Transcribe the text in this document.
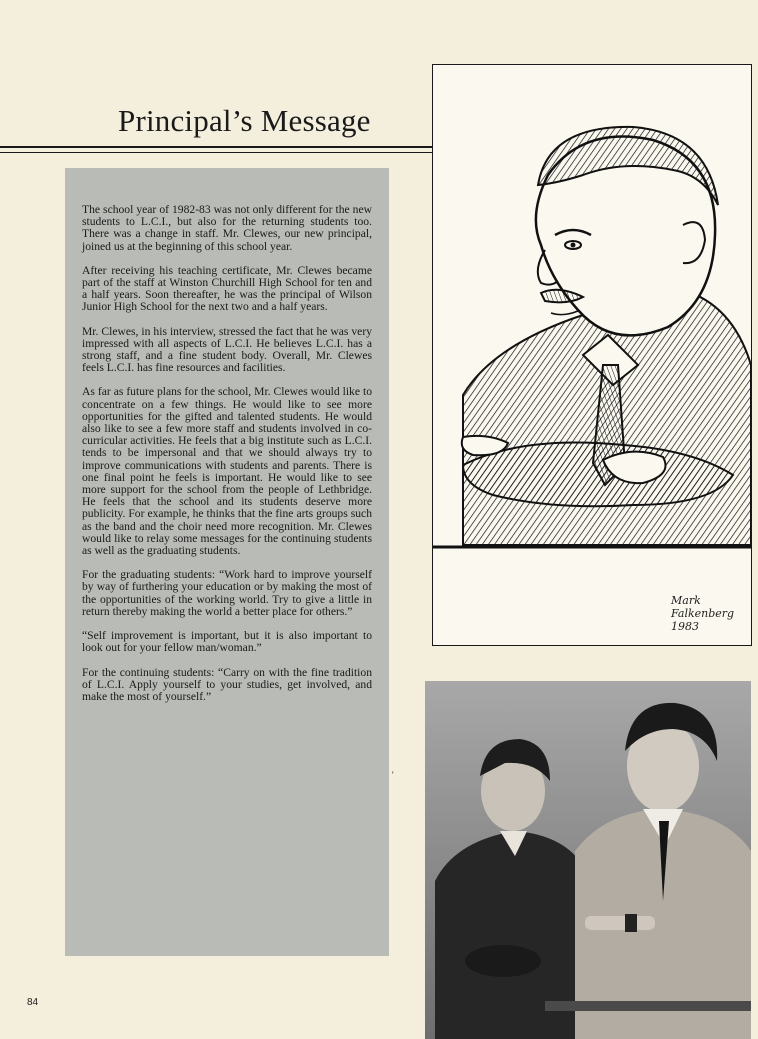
Principal’s Message

The school year of 1982-83 was not only different for the new students to L.C.I., but also for the returning students too. There was a change in staff. Mr. Clewes, our new principal, joined us at the beginning of this school year.

After receiving his teaching certificate, Mr. Clewes became part of the staff at Winston Churchill High School for ten and a half years. Soon thereafter, he was the principal of Wilson Junior High School for the next two and a half years.

Mr. Clewes, in his interview, stressed the fact that he was very impressed with all aspects of L.C.I. He believes L.C.I. has a strong staff, and a fine student body. Overall, Mr. Clewes feels L.C.I. has fine resources and facilities.

As far as future plans for the school, Mr. Clewes would like to concentrate on a few things. He would like to see more opportunities for the gifted and talented students. He would also like to see a few more staff and students involved in co-curricular activities. He feels that a big institute such as L.C.I. tends to be impersonal and that we should always try to improve communications with students and parents. There is one final point he feels is important. He would like to see more support for the school from the people of Lethbridge. He feels that the school and its students deserve more publicity. For example, he thinks that the fine arts groups such as the band and the choir need more recognition. Mr. Clewes would like to relay some messages for the continuing students as well as the graduating students.

For the graduating students: “Work hard to improve yourself by way of furthering your education or by making the most of the opportunities of the working world. Try to give a little in return thereby making the world a better place for others.”

“Self improvement is important, but it is also important to look out for your fellow man/woman.”

For the continuing students: “Carry on with the fine tradition of L.C.I. Apply yourself to your studies, get involved, and make the most of yourself.”

Mark
Falkenberg
1983
'
84
